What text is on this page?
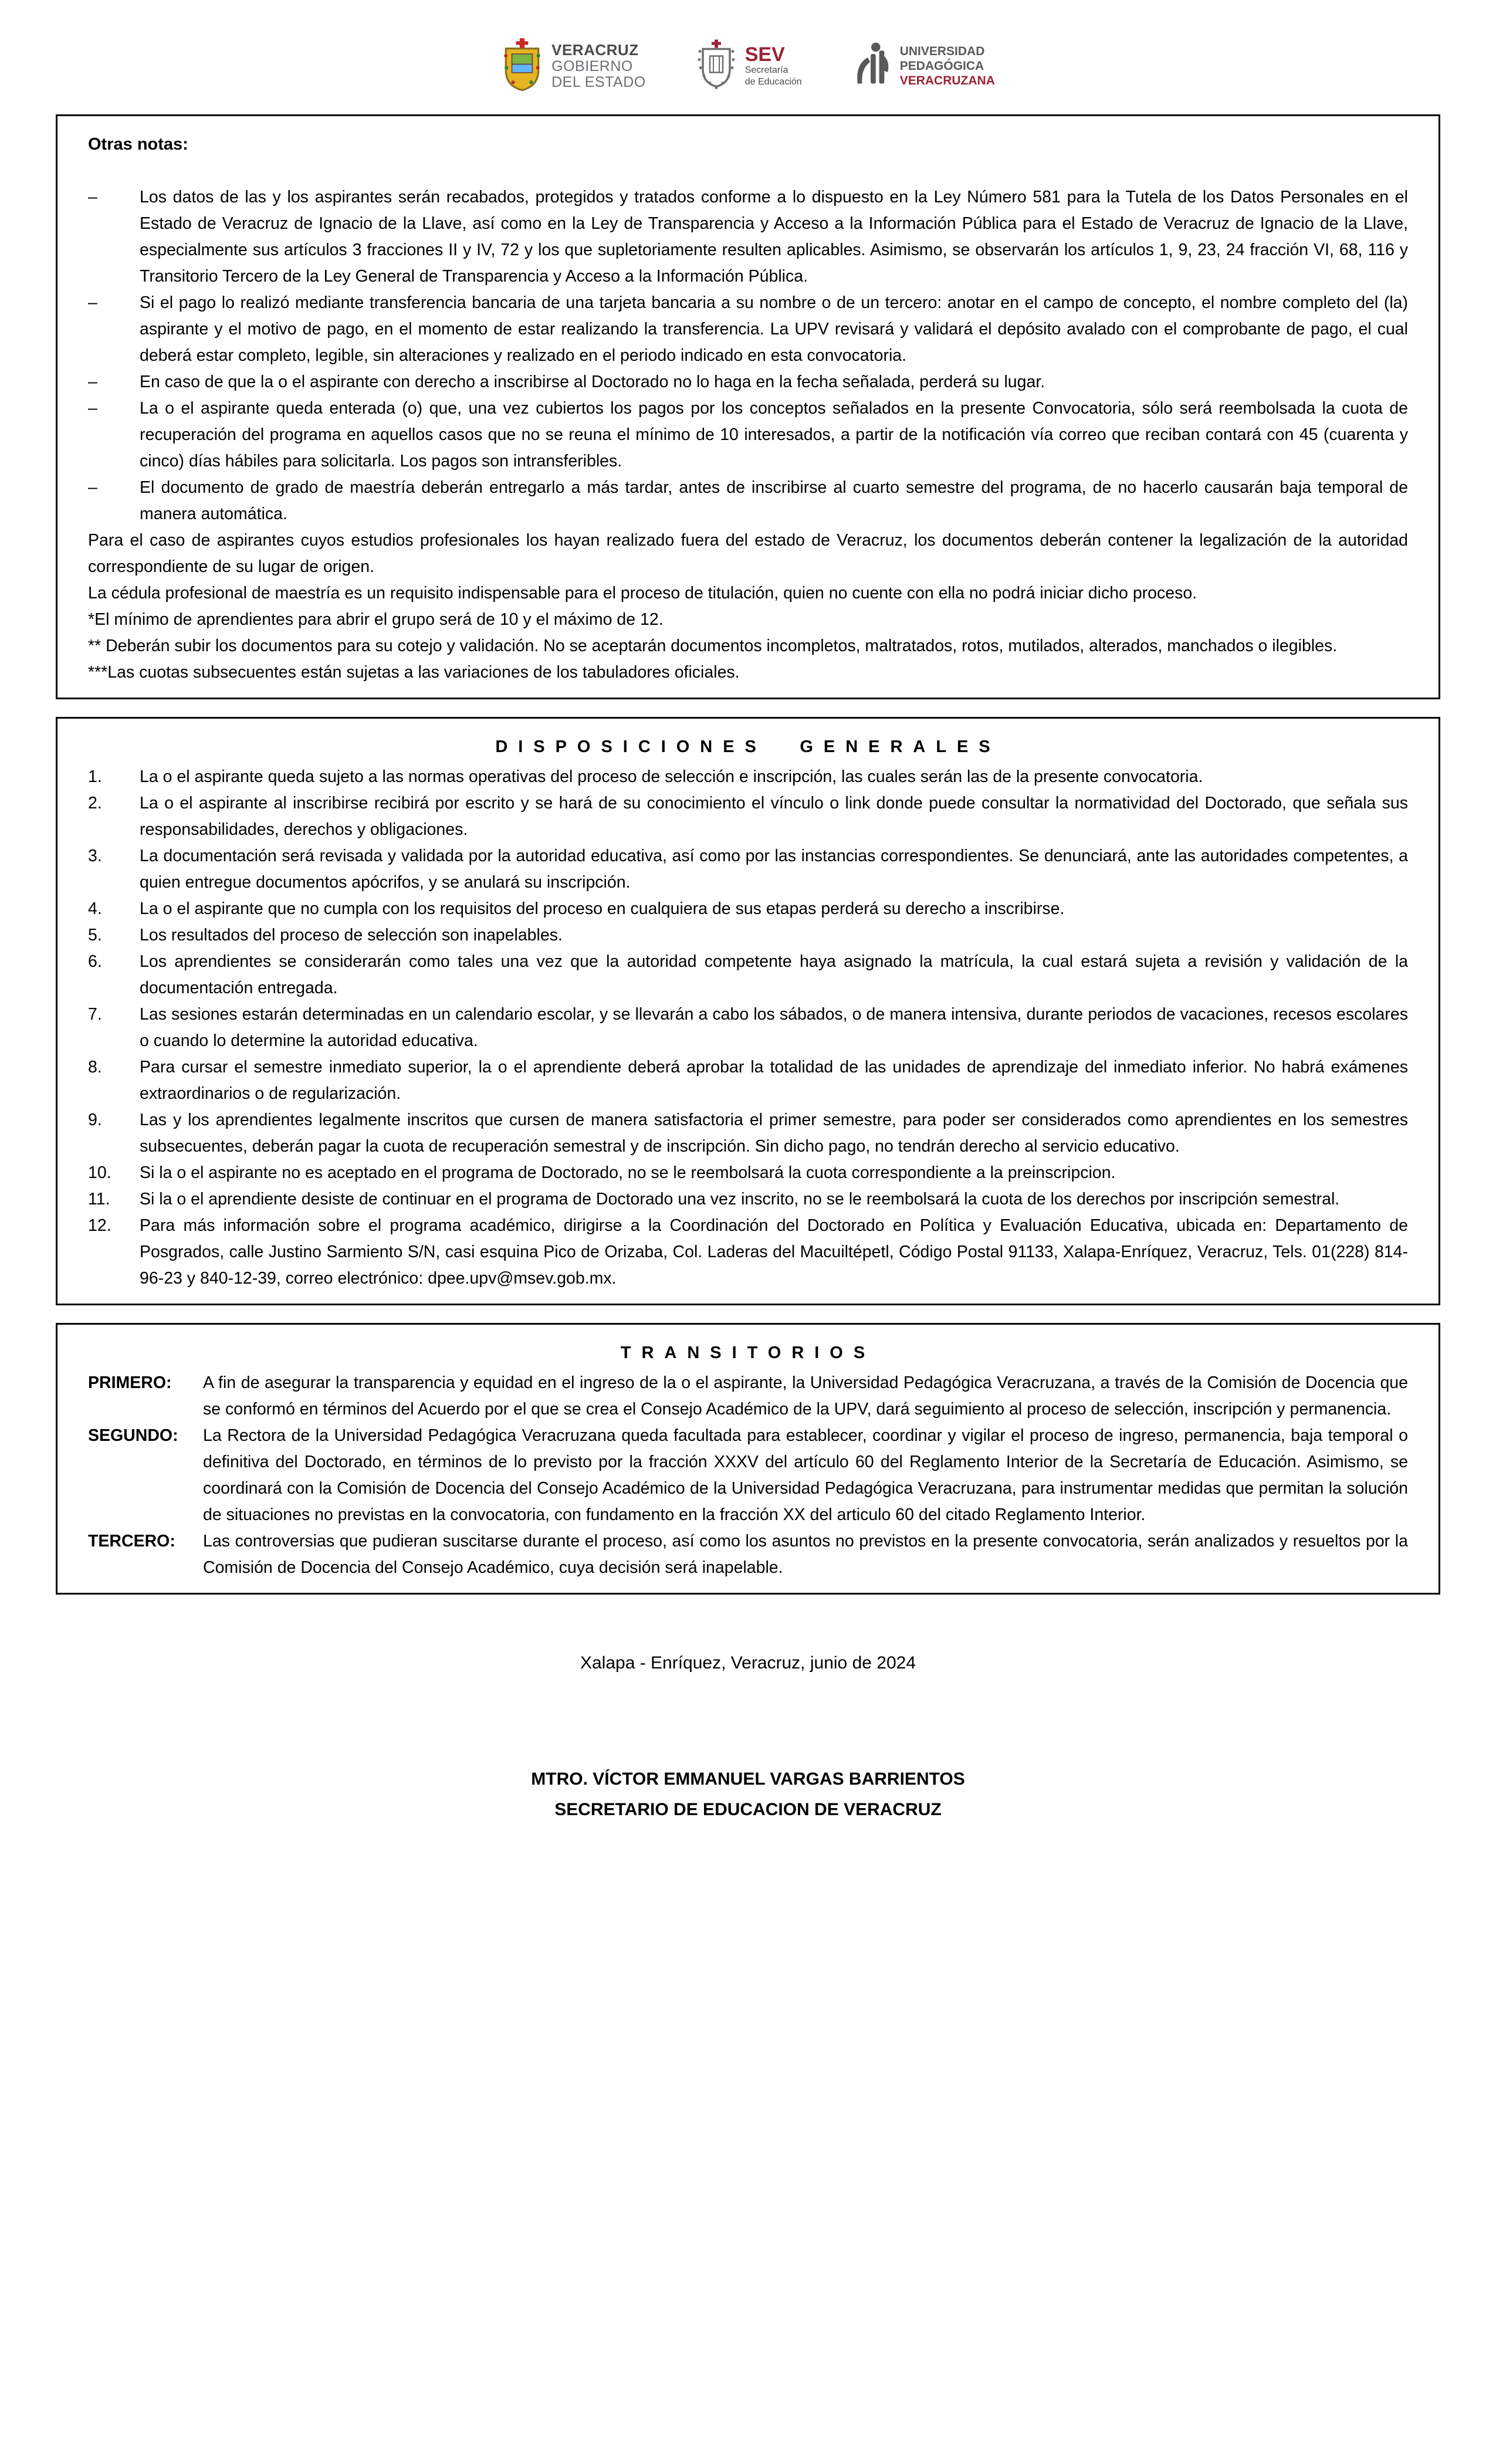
VERACRUZ
GOBIERNO
DEL ESTADO
SEV
Secretaría
de Educación
UNIVERSIDAD
PEDAGÓGICA
VERACRUZANA
Otras notas:
–	Los datos de las y los aspirantes serán recabados, protegidos y tratados conforme a lo dispuesto en la Ley Número 581 para la Tutela de los Datos Personales en el Estado de Veracruz de Ignacio de la Llave, así como en la Ley de Transparencia y Acceso a la Información Pública para el Estado de Veracruz de Ignacio de la Llave, especialmente sus artículos 3 fracciones II y IV, 72 y los que supletoriamente resulten aplicables. Asimismo, se observarán los artículos 1, 9, 23, 24 fracción VI, 68, 116 y Transitorio Tercero de la Ley General de Transparencia y Acceso a la Información Pública.
–	Si el pago lo realizó mediante transferencia bancaria de una tarjeta bancaria a su nombre o de un tercero: anotar en el campo de concepto, el nombre completo del (la) aspirante y el motivo de pago, en el momento de estar realizando la transferencia. La UPV revisará y validará el depósito avalado con el comprobante de pago, el cual deberá estar completo, legible, sin alteraciones y realizado en el periodo indicado en esta convocatoria.
–	En caso de que la o el aspirante con derecho a inscribirse al Doctorado no lo haga en la fecha señalada, perderá su lugar.
–	La o el aspirante queda enterada (o) que, una vez cubiertos los pagos por los conceptos señalados en la presente Convocatoria, sólo será reembolsada la cuota de recuperación del programa en aquellos casos que no se reuna el mínimo de 10 interesados, a partir de la notificación vía correo que reciban contará con 45 (cuarenta y cinco) días hábiles para solicitarla. Los pagos son intransferibles.
–	El documento de grado de maestría deberán entregarlo a más tardar, antes de inscribirse al cuarto semestre del programa, de no hacerlo causarán baja temporal de manera automática.

Para el caso de aspirantes cuyos estudios profesionales los hayan realizado fuera del estado de Veracruz, los documentos deberán contener la legalización de la autoridad correspondiente de su lugar de origen.

La cédula profesional de maestría es un requisito indispensable para el proceso de titulación, quien no cuente con ella no podrá iniciar dicho proceso.

*El mínimo de aprendientes para abrir el grupo será de 10 y el máximo de 12.

** Deberán subir los documentos para su cotejo y validación. No se aceptarán documentos incompletos, maltratados, rotos, mutilados, alterados, manchados o ilegibles.

***Las cuotas subsecuentes están sujetas a las variaciones de los tabuladores oficiales.

DISPOSICIONES GENERALES
1.	La o el aspirante queda sujeto a las normas operativas del proceso de selección e inscripción, las cuales serán las de la presente convocatoria.
2.	La o el aspirante al inscribirse recibirá por escrito y se hará de su conocimiento el vínculo o link donde puede consultar la normatividad del Doctorado, que señala sus responsabilidades, derechos y obligaciones.
3.	La documentación será revisada y validada por la autoridad educativa, así como por las instancias correspondientes. Se denunciará, ante las autoridades competentes, a quien entregue documentos apócrifos, y se anulará su inscripción.
4.	La o el aspirante que no cumpla con los requisitos del proceso en cualquiera de sus etapas perderá su derecho a inscribirse.
5.	Los resultados del proceso de selección son inapelables.
6.	Los aprendientes se considerarán como tales una vez que la autoridad competente haya asignado la matrícula, la cual estará sujeta a revisión y validación de la documentación entregada.
7.	Las sesiones estarán determinadas en un calendario escolar, y se llevarán a cabo los sábados, o de manera intensiva, durante periodos de vacaciones, recesos escolares o cuando lo determine la autoridad educativa.
8.	Para cursar el semestre inmediato superior, la o el aprendiente deberá aprobar la totalidad de las unidades de aprendizaje del inmediato inferior. No habrá exámenes extraordinarios o de regularización.
9.	Las y los aprendientes legalmente inscritos que cursen de manera satisfactoria el primer semestre, para poder ser considerados como aprendientes en los semestres subsecuentes, deberán pagar la cuota de recuperación semestral y de inscripción. Sin dicho pago, no tendrán derecho al servicio educativo.
10.	Si la o el aspirante no es aceptado en el programa de Doctorado, no se le reembolsará la cuota correspondiente a la preinscripcion.
11.	Si la o el aprendiente desiste de continuar en el programa de Doctorado una vez inscrito, no se le reembolsará la cuota de los derechos por inscripción semestral.
12.	Para más información sobre el programa académico, dirigirse a la Coordinación del Doctorado en Política y Evaluación Educativa, ubicada en: Departamento de Posgrados, calle Justino Sarmiento S/N, casi esquina Pico de Orizaba, Col. Laderas del Macuiltépetl, Código Postal 91133, Xalapa-Enríquez, Veracruz, Tels. 01(228) 814-96-23 y 840-12-39, correo electrónico: dpee.upv@msev.gob.mx.
TRANSITORIOS
PRIMERO:	A fin de asegurar la transparencia y equidad en el ingreso de la o el aspirante, la Universidad Pedagógica Veracruzana, a través de la Comisión de Docencia que se conformó en términos del Acuerdo por el que se crea el Consejo Académico de la UPV, dará seguimiento al proceso de selección, inscripción y permanencia.
SEGUNDO:	La Rectora de la Universidad Pedagógica Veracruzana queda facultada para establecer, coordinar y vigilar el proceso de ingreso, permanencia, baja temporal o definitiva del Doctorado, en términos de lo previsto por la fracción XXXV del artículo 60 del Reglamento Interior de la Secretaría de Educación. Asimismo, se coordinará con la Comisión de Docencia del Consejo Académico de la Universidad Pedagógica Veracruzana, para instrumentar medidas que permitan la solución de situaciones no previstas en la convocatoria, con fundamento en la fracción XX del articulo 60 del citado Reglamento Interior.
TERCERO:	Las controversias que pudieran suscitarse durante el proceso, así como los asuntos no previstos en la presente convocatoria, serán analizados y resueltos por la Comisión de Docencia del Consejo Académico, cuya decisión será inapelable.
Xalapa - Enríquez, Veracruz, junio de 2024
MTRO. VÍCTOR EMMANUEL VARGAS BARRIENTOS
SECRETARIO DE EDUCACION DE VERACRUZ
